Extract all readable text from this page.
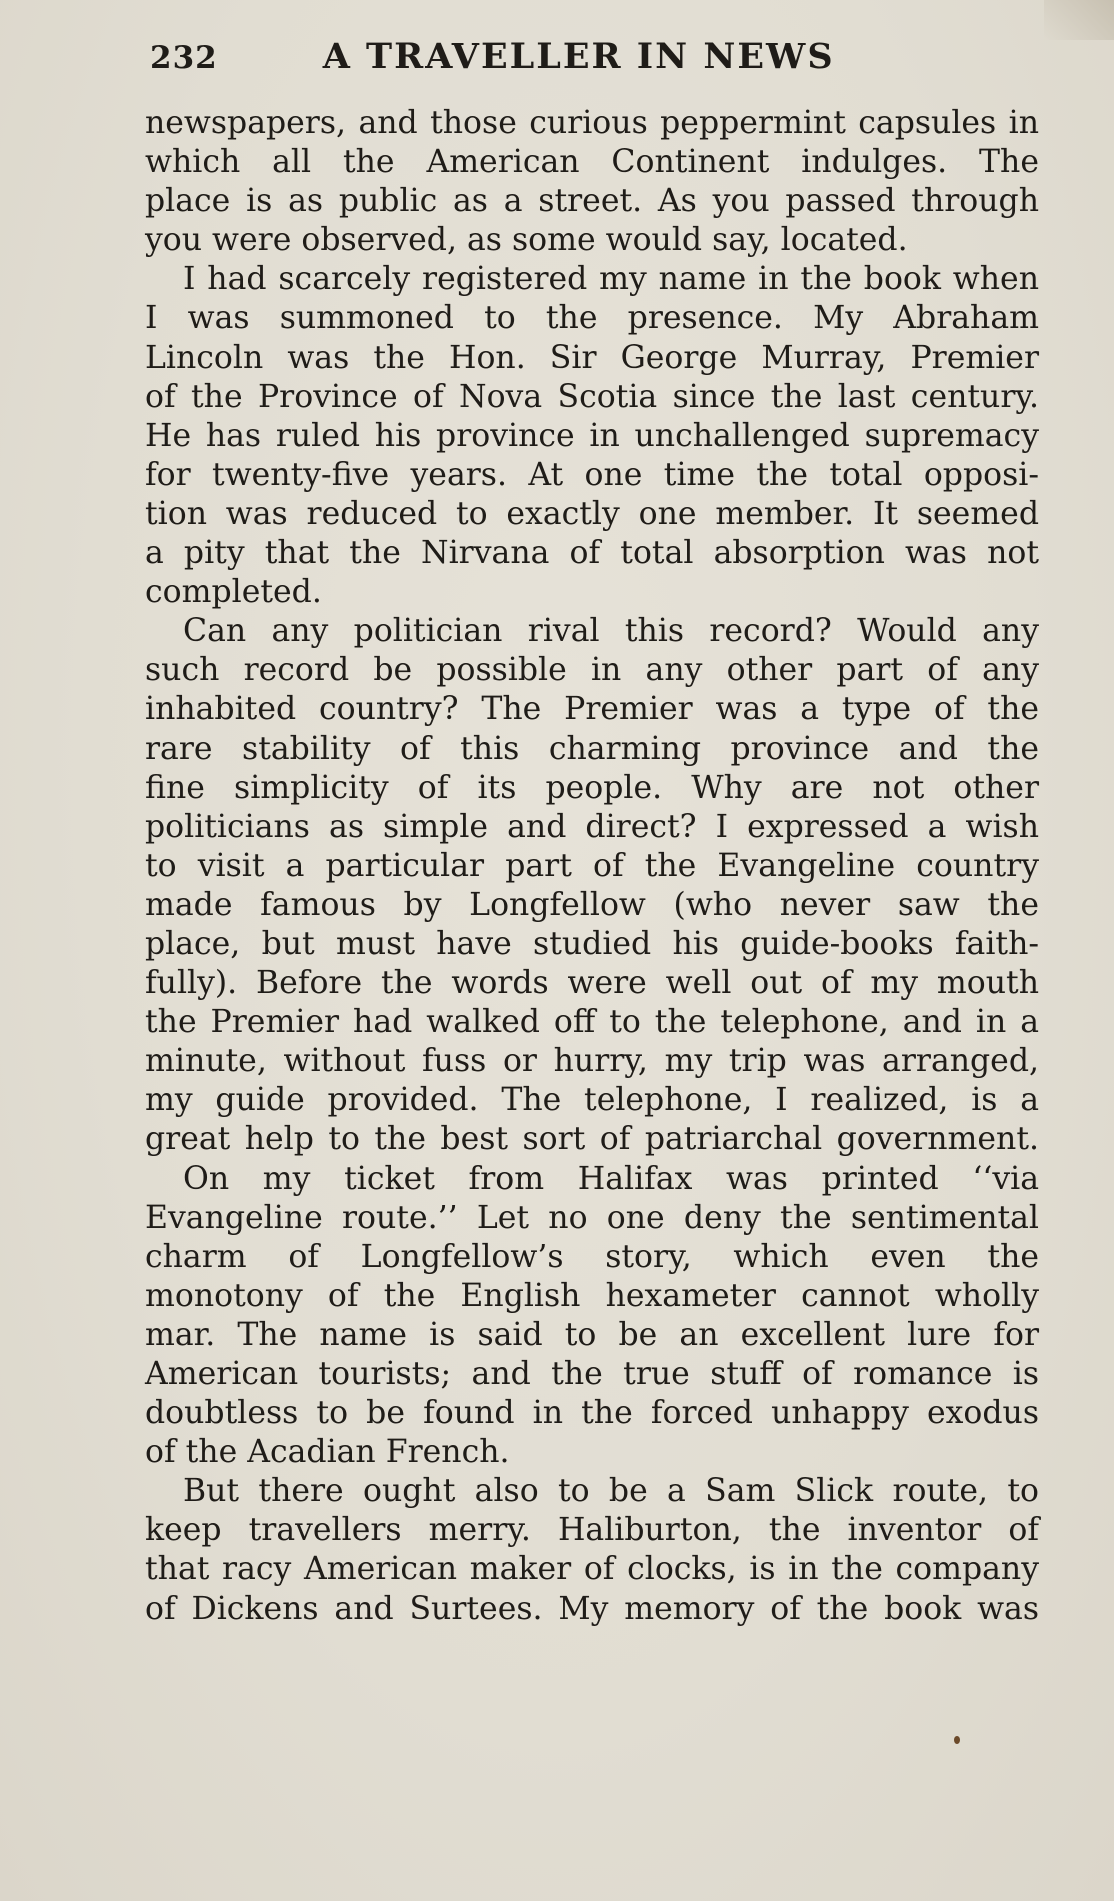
232	A TRAVELLER IN NEWS
newspapers, and those curious peppermint capsules in
which all the American Continent indulges. The
place is as public as a street. As you passed through
you were observed, as some would say, located.
I had scarcely registered my name in the book when
I was summoned to the presence. My Abraham
Lincoln was the Hon. Sir George Murray, Premier
of the Province of Nova Scotia since the last century.
He has ruled his province in unchallenged supremacy
for twenty-five years. At one time the total opposi-
tion was reduced to exactly one member. It seemed
a pity that the Nirvana of total absorption was not
completed.
Can any politician rival this record? Would any
such record be possible in any other part of any
inhabited country? The Premier was a type of the
rare stability of this charming province and the
fine simplicity of its people. Why are not other
politicians as simple and direct? I expressed a wish
to visit a particular part of the Evangeline country
made famous by Longfellow (who never saw the
place, but must have studied his guide-books faith-
fully). Before the words were well out of my mouth
the Premier had walked off to the telephone, and in a
minute, without fuss or hurry, my trip was arranged,
my guide provided. The telephone, I realized, is a
great help to the best sort of patriarchal government.
On my ticket from Halifax was printed ‘‘via
Evangeline route.’’ Let no one deny the sentimental
charm of Longfellow’s story, which even the
monotony of the English hexameter cannot wholly
mar. The name is said to be an excellent lure for
American tourists; and the true stuff of romance is
doubtless to be found in the forced unhappy exodus
of the Acadian French.
But there ought also to be a Sam Slick route, to
keep travellers merry. Haliburton, the inventor of
that racy American maker of clocks, is in the company
of Dickens and Surtees. My memory of the book was
